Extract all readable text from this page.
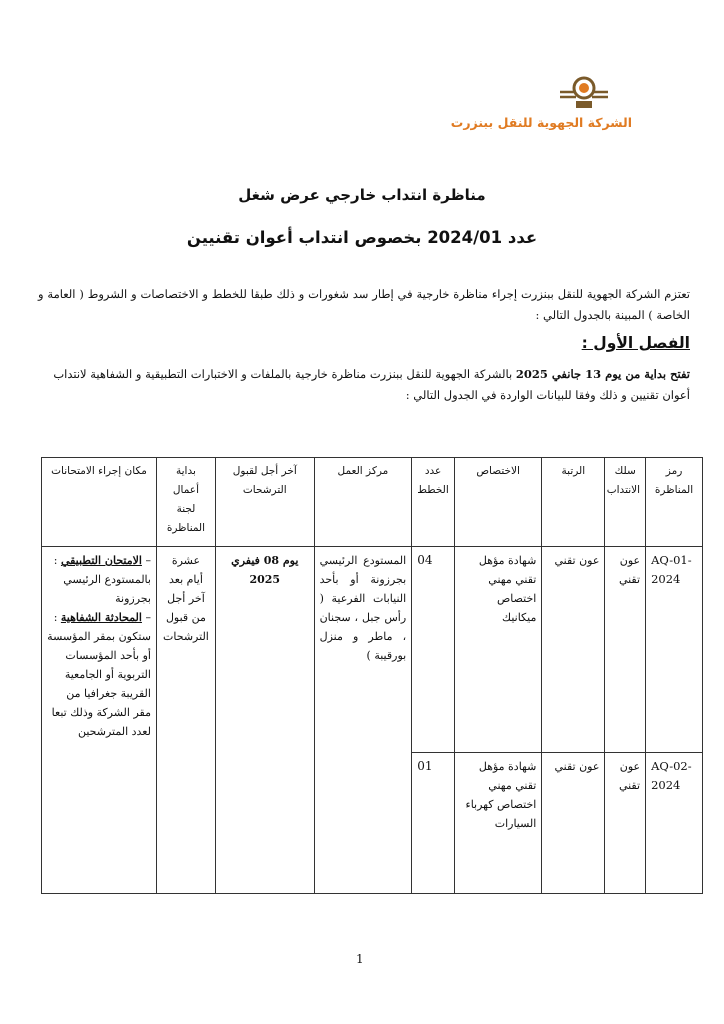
الشركة الجهوية للنقل ببنزرت
مناظرة انتداب خارجي عرض شغل
عدد 2024/01 بخصوص انتداب أعوان تقنيين
تعتزم الشركة الجهوية للنقل ببنزرت إجراء مناظرة خارجية في إطار سد شغورات و ذلك طبقا للخطط و الاختصاصات و الشروط ( العامة و الخاصة ) المبينة بالجدول التالي :
الفصل الأول :
تفتح بداية من يوم 13 جانفي 2025 بالشركة الجهوية للنقل ببنزرت مناظرة خارجية بالملفات و الاختبارات التطبيقية و الشفاهية لانتداب أعوان تقنيين و ذلك وفقا للبيانات الواردة في الجدول التالي :
رمز المناظرة	سلك الانتداب	الرتبة	الاختصاص	عدد الخطط	مركز العمل	آخر أجل لقبول الترشحات	بداية أعمال لجنة المناظرة	مكان إجراء الامتحانات
AQ-01-2024	عون تقني	عون تقني	شهادة مؤهل تقني مهني اختصاص ميكانيك	04	المستودع الرئيسي بجرزونة أو بأحد النيابات الفرعية ( رأس جبل ، سجنان ، ماطر و منزل بورقيبة )	يوم 08 فيفري 2025	عشرة أيام بعد آخر أجل من قبول الترشحات	– الامتحان التطبيقي : بالمستودع الرئيسي بجرزونة
– المحادثة الشفاهية : ستكون بمقر المؤسسة أو بأحد المؤسسات التربوية أو الجامعية القريبة جغرافيا من مقر الشركة وذلك تبعا لعدد المترشحين

AQ-02-2024	عون تقني	عون تقني	شهادة مؤهل تقني مهني اختصاص كهرباء السيارات	01				
1
